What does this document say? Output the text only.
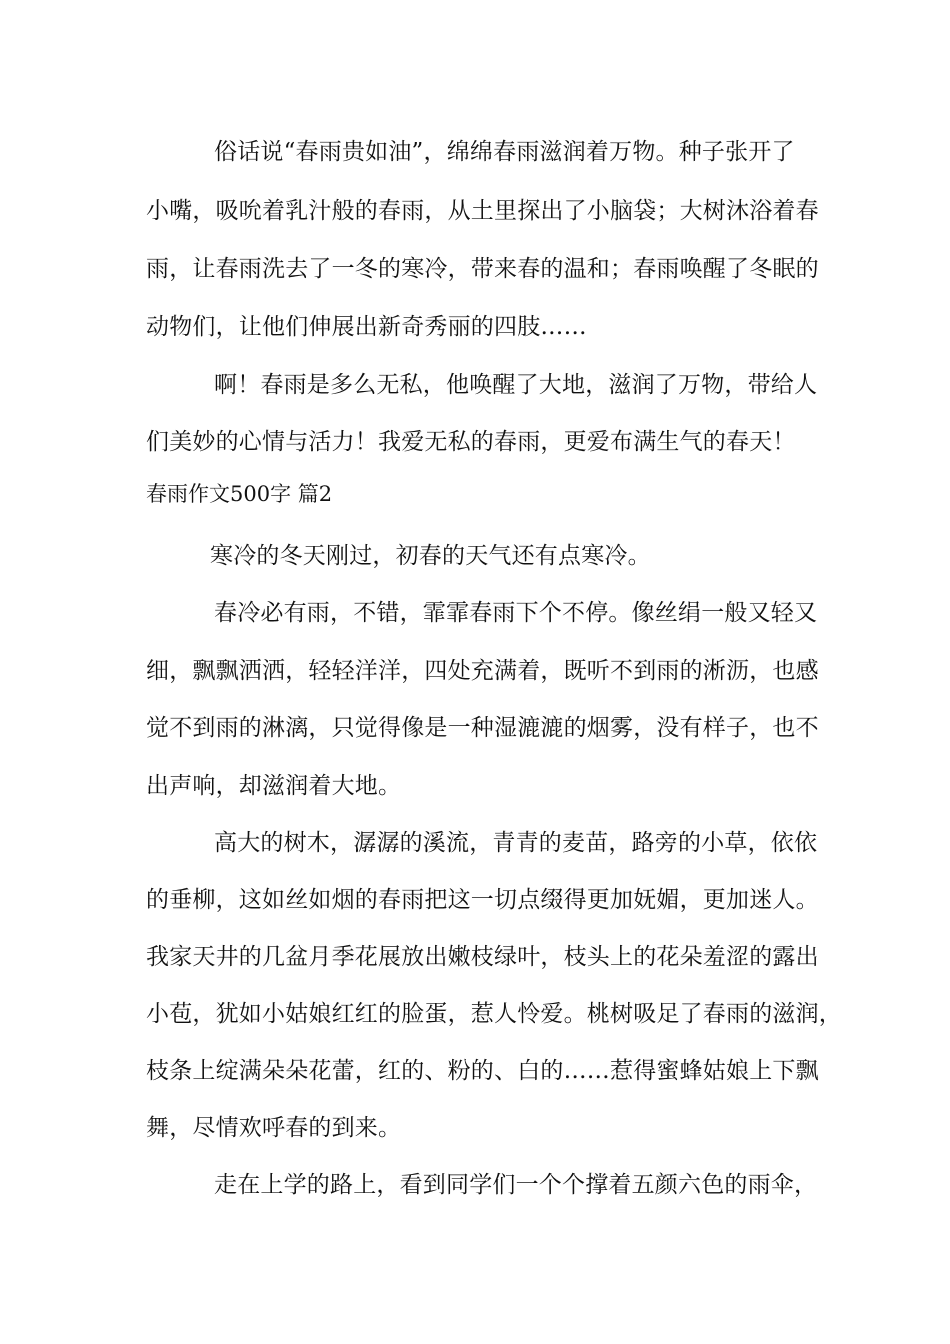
俗话说“春雨贵如油”，绵绵春雨滋润着万物。种子张开了
小嘴，吸吮着乳汁般的春雨，从土里探出了小脑袋；大树沐浴着春
雨，让春雨洗去了一冬的寒冷，带来春的温和；春雨唤醒了冬眠的
动物们，让他们伸展出新奇秀丽的四肢……
啊！春雨是多么无私，他唤醒了大地，滋润了万物，带给人
们美妙的心情与活力！我爱无私的春雨，更爱布满生气的春天！
春雨作文500字 篇2
寒冷的冬天刚过，初春的天气还有点寒冷。
春冷必有雨，不错，霏霏春雨下个不停。像丝绢一般又轻又
细，飘飘洒洒，轻轻洋洋，四处充满着，既听不到雨的淅沥，也感
觉不到雨的淋漓，只觉得像是一种湿漉漉的烟雾，没有样子，也不
出声响，却滋润着大地。
高大的树木，潺潺的溪流，青青的麦苗，路旁的小草，依依
的垂柳，这如丝如烟的春雨把这一切点缀得更加妩媚，更加迷人。
我家天井的几盆月季花展放出嫩枝绿叶，枝头上的花朵羞涩的露出
小苞，犹如小姑娘红红的脸蛋，惹人怜爱。桃树吸足了春雨的滋润，
枝条上绽满朵朵花蕾，红的、粉的、白的……惹得蜜蜂姑娘上下飘
舞，尽情欢呼春的到来。
走在上学的路上，看到同学们一个个撑着五颜六色的雨伞，
